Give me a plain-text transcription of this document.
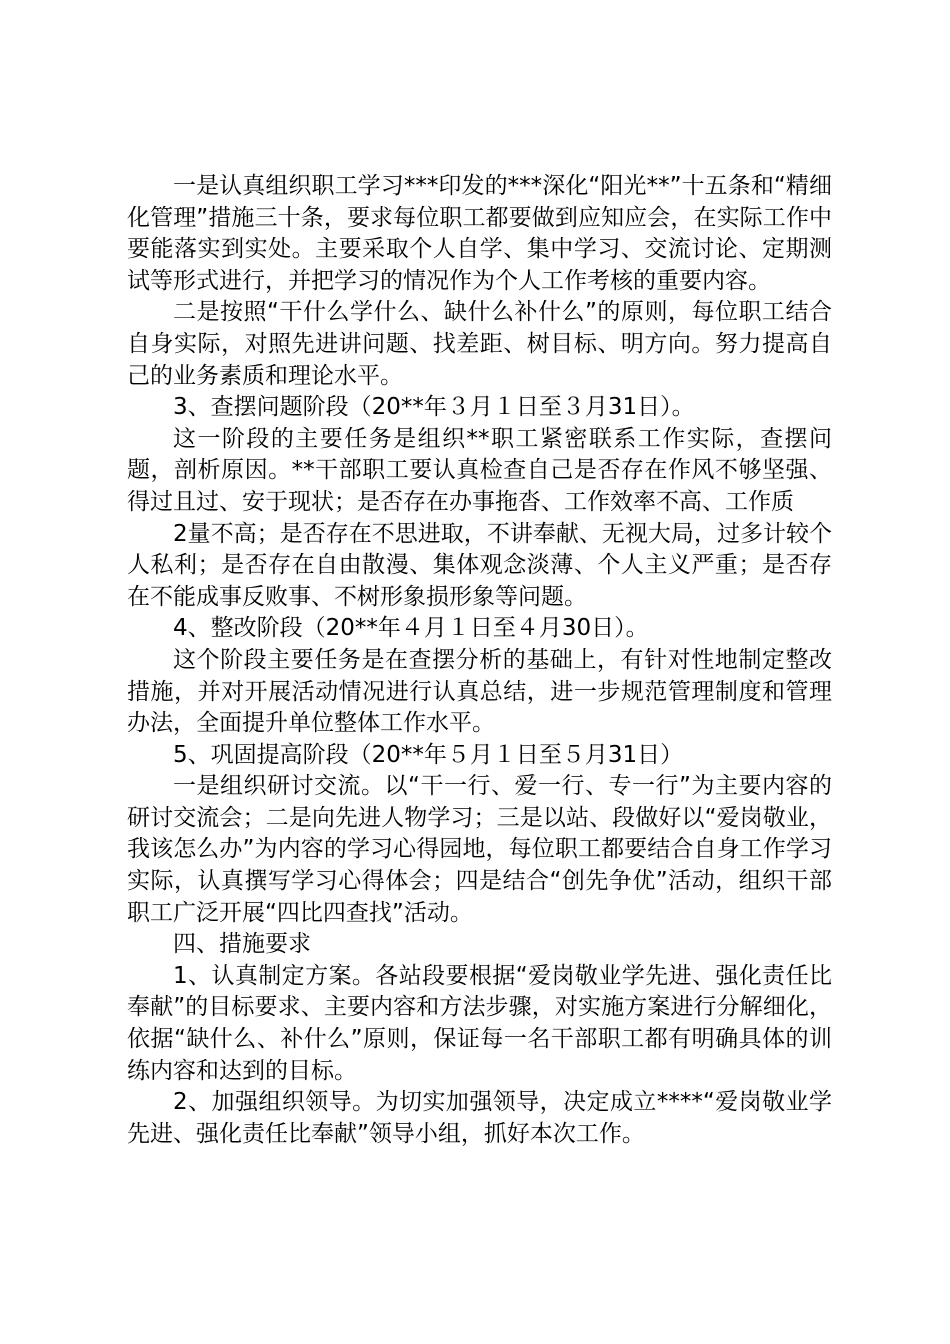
一是认真组织职工学习***印发的***深化“阳光**”十五条和“精细化管理”措施三十条，要求每位职工都要做到应知应会，在实际工作中要能落实到实处。主要采取个人自学、集中学习、交流讨论、定期测试等形式进行，并把学习的情况作为个人工作考核的重要内容。

二是按照“干什么学什么、缺什么补什么”的原则，每位职工结合自身实际，对照先进讲问题、找差距、树目标、明方向。努力提高自己的业务素质和理论水平。

3、查摆问题阶段（20**年３月１日至３月31日）。

这一阶段的主要任务是组织**职工紧密联系工作实际，查摆问题，剖析原因。**干部职工要认真检查自己是否存在作风不够坚强、得过且过、安于现状；是否存在办事拖沓、工作效率不高、工作质

2量不高；是否存在不思进取，不讲奉献、无视大局，过多计较个人私利；是否存在自由散漫、集体观念淡薄、个人主义严重；是否存在不能成事反败事、不树形象损形象等问题。

4、整改阶段（20**年４月１日至４月30日）。

这个阶段主要任务是在查摆分析的基础上，有针对性地制定整改措施，并对开展活动情况进行认真总结，进一步规范管理制度和管理办法，全面提升单位整体工作水平。

5、巩固提高阶段（20**年５月１日至５月31日）

一是组织研讨交流。以“干一行、爱一行、专一行”为主要内容的研讨交流会；二是向先进人物学习；三是以站、段做好以“爱岗敬业，我该怎么办”为内容的学习心得园地，每位职工都要结合自身工作学习实际，认真撰写学习心得体会；四是结合“创先争优”活动，组织干部职工广泛开展“四比四查找”活动。

四、措施要求

1、认真制定方案。各站段要根据“爱岗敬业学先进、强化责任比奉献”的目标要求、主要内容和方法步骤，对实施方案进行分解细化，依据“缺什么、补什么”原则，保证每一名干部职工都有明确具体的训练内容和达到的目标。

2、加强组织领导。为切实加强领导，决定成立****“爱岗敬业学先进、强化责任比奉献”领导小组，抓好本次工作。
